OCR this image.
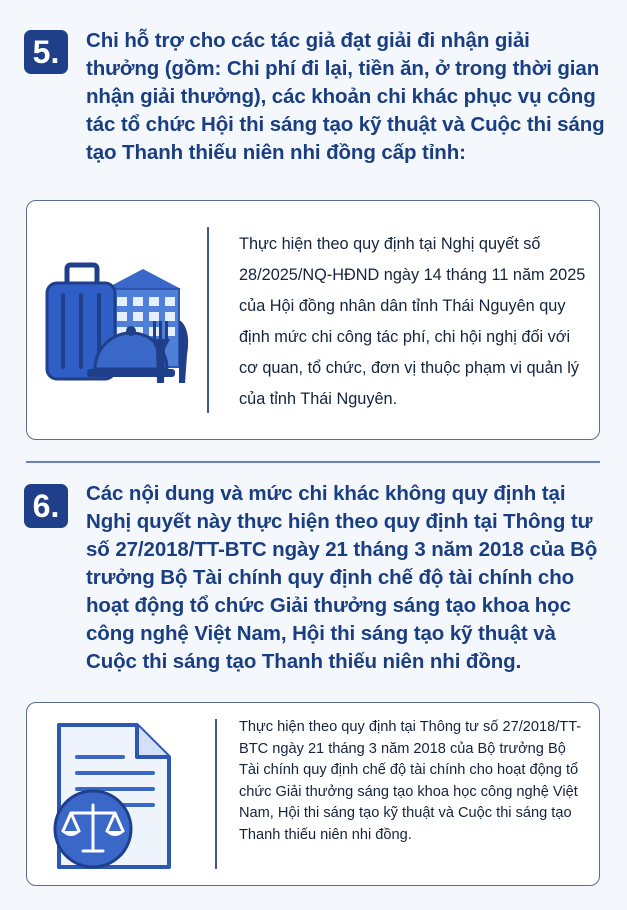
5.	Chi hỗ trợ cho các tác giả đạt giải đi nhận giải thưởng (gồm: Chi phí đi lại, tiền ăn, ở trong thời gian nhận giải thưởng), các khoản chi khác phục vụ công tác tổ chức Hội thi sáng tạo kỹ thuật và Cuộc thi sáng tạo Thanh thiếu niên nhi đồng cấp tỉnh:

Thực hiện theo quy định tại Nghị quyết số 28/2025/NQ-HĐND ngày 14 tháng 11 năm 2025 của Hội đồng nhân dân tỉnh Thái Nguyên quy định mức chi công tác phí, chi hội nghị đối với cơ quan, tổ chức, đơn vị thuộc phạm vi quản lý của tỉnh Thái Nguyên.

6.	Các nội dung và mức chi khác không quy định tại Nghị quyết này thực hiện theo quy định tại Thông tư số 27/2018/TT-BTC ngày 21 tháng 3 năm 2018 của Bộ trưởng Bộ Tài chính quy định chế độ tài chính cho hoạt động tổ chức Giải thưởng sáng tạo khoa học công nghệ Việt Nam, Hội thi sáng tạo kỹ thuật và Cuộc thi sáng tạo Thanh thiếu niên nhi đồng.

Thực hiện theo quy định tại Thông tư số 27/2018/TT-BTC ngày 21 tháng 3 năm 2018 của Bộ trưởng Bộ Tài chính quy định chế độ tài chính cho hoạt động tổ chức Giải thưởng sáng tạo khoa học công nghệ Việt Nam, Hội thi sáng tạo kỹ thuật và Cuộc thi sáng tạo Thanh thiếu niên nhi đồng.
